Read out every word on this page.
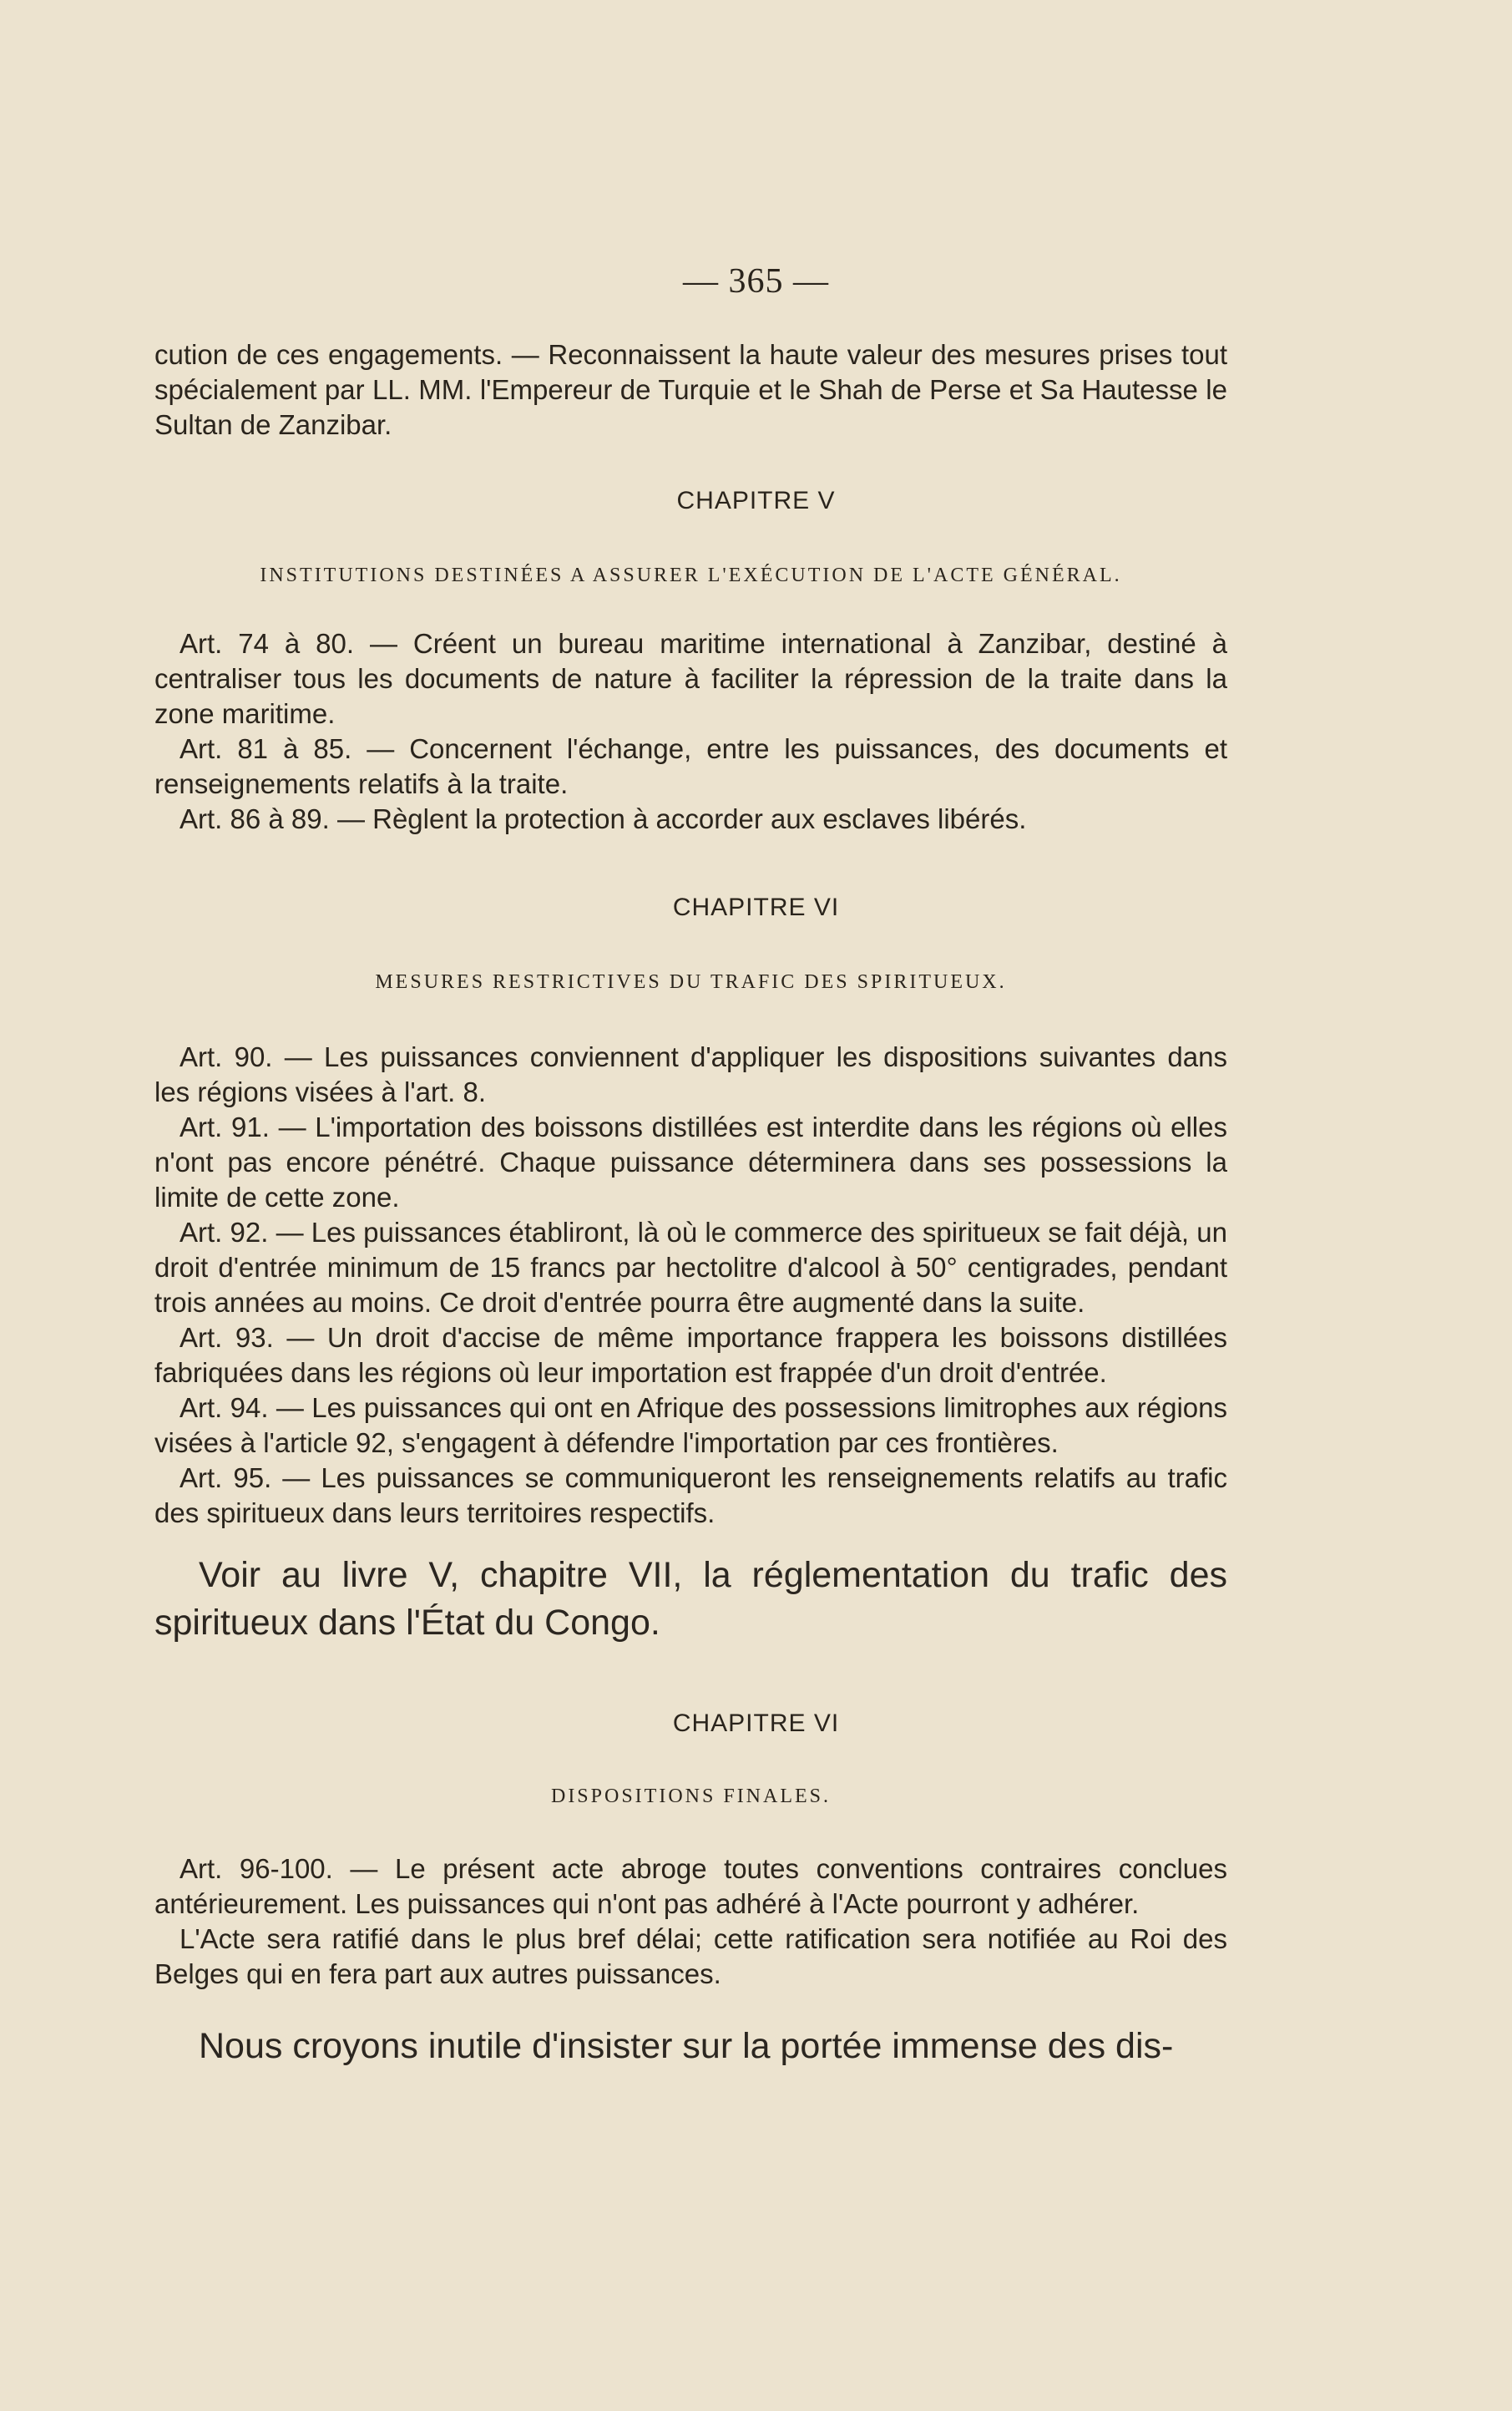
— 365 —

cution de ces engagements. — Reconnaissent la haute valeur des mesures prises tout spécialement par LL. MM. l'Empereur de Turquie et le Shah de Perse et Sa Hautesse le Sultan de Zanzibar.

CHAPITRE V
INSTITUTIONS DESTINÉES A ASSURER L'EXÉCUTION DE L'ACTE GÉNÉRAL.

Art. 74 à 80. — Créent un bureau maritime international à Zanzibar, destiné à centraliser tous les documents de nature à faciliter la répression de la traite dans la zone maritime.

Art. 81 à 85. — Concernent l'échange, entre les puissances, des documents et renseignements relatifs à la traite.

Art. 86 à 89. — Règlent la protection à accorder aux esclaves libérés.

CHAPITRE VI
MESURES RESTRICTIVES DU TRAFIC DES SPIRITUEUX.

Art. 90. — Les puissances conviennent d'appliquer les dispositions suivantes dans les régions visées à l'art. 8.

Art. 91. — L'importation des boissons distillées est interdite dans les régions où elles n'ont pas encore pénétré. Chaque puissance déterminera dans ses possessions la limite de cette zone.

Art. 92. — Les puissances établiront, là où le commerce des spiritueux se fait déjà, un droit d'entrée minimum de 15 francs par hectolitre d'alcool à 50° centigrades, pendant trois années au moins. Ce droit d'entrée pourra être augmenté dans la suite.

Art. 93. — Un droit d'accise de même importance frappera les boissons distillées fabriquées dans les régions où leur importation est frappée d'un droit d'entrée.

Art. 94. — Les puissances qui ont en Afrique des possessions limitrophes aux régions visées à l'article 92, s'engagent à défendre l'importation par ces frontières.

Art. 95. — Les puissances se communiqueront les renseignements relatifs au trafic des spiritueux dans leurs territoires respectifs.

Voir au livre V, chapitre VII, la réglementation du trafic des spiritueux dans l'État du Congo.

CHAPITRE VI
DISPOSITIONS FINALES.

Art. 96-100. — Le présent acte abroge toutes conventions contraires conclues antérieurement. Les puissances qui n'ont pas adhéré à l'Acte pourront y adhérer.

L'Acte sera ratifié dans le plus bref délai; cette ratification sera notifiée au Roi des Belges qui en fera part aux autres puissances.

Nous croyons inutile d'insister sur la portée immense des dis-
